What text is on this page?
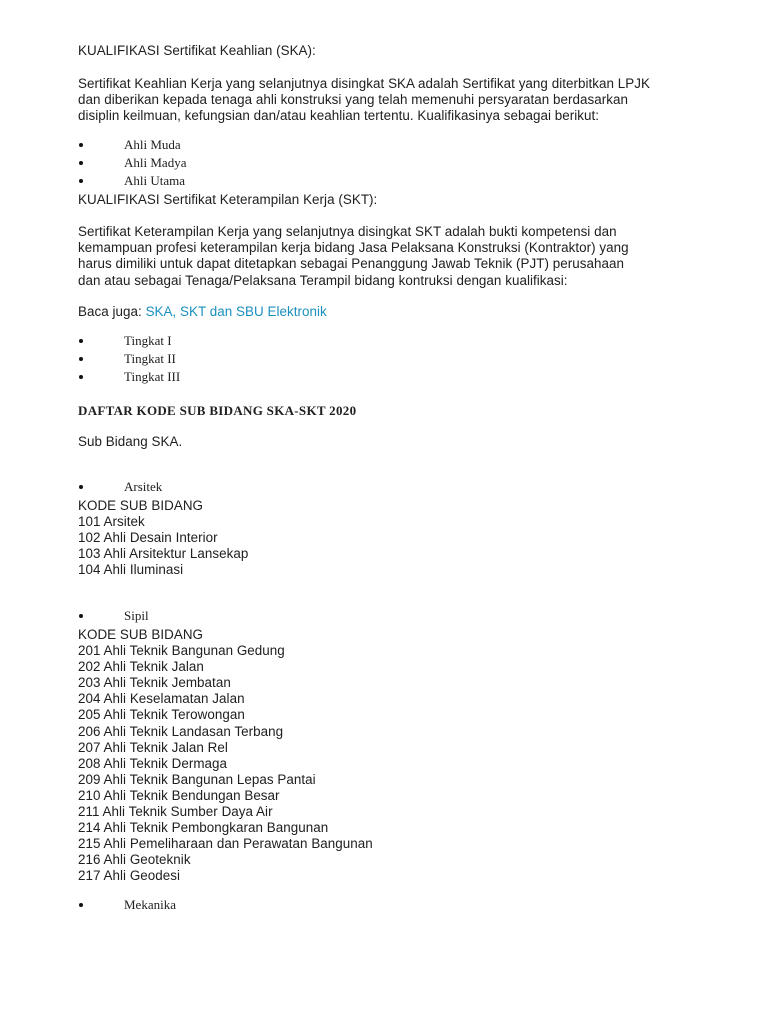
KUALIFIKASI Sertifikat Keahlian (SKA):

Sertifikat Keahlian Kerja yang selanjutnya disingkat SKA adalah Sertifikat yang diterbitkan LPJK

dan diberikan kepada tenaga ahli konstruksi yang telah memenuhi persyaratan berdasarkan

disiplin keilmuan, kefungsian dan/atau keahlian tertentu. Kualifikasinya sebagai berikut:

Ahli Muda
Ahli Madya
Ahli Utama
KUALIFIKASI Sertifikat Keterampilan Kerja (SKT):

Sertifikat Keterampilan Kerja yang selanjutnya disingkat SKT adalah bukti kompetensi dan

kemampuan profesi keterampilan kerja bidang Jasa Pelaksana Konstruksi (Kontraktor) yang

harus dimiliki untuk dapat ditetapkan sebagai Penanggung Jawab Teknik (PJT) perusahaan

dan atau sebagai Tenaga/Pelaksana Terampil bidang kontruksi dengan kualifikasi:

Baca juga: SKA, SKT dan SBU Elektronik
Tingkat I
Tingkat II
Tingkat III
DAFTAR KODE SUB BIDANG SKA-SKT 2020
Sub Bidang SKA.
Arsitek
KODE SUB BIDANG
101 Arsitek
102 Ahli Desain Interior
103 Ahli Arsitektur Lansekap
104 Ahli Iluminasi
Sipil
KODE SUB BIDANG
201 Ahli Teknik Bangunan Gedung
202 Ahli Teknik Jalan
203 Ahli Teknik Jembatan
204 Ahli Keselamatan Jalan
205 Ahli Teknik Terowongan
206 Ahli Teknik Landasan Terbang
207 Ahli Teknik Jalan Rel
208 Ahli Teknik Dermaga
209 Ahli Teknik Bangunan Lepas Pantai
210 Ahli Teknik Bendungan Besar
211 Ahli Teknik Sumber Daya Air
214 Ahli Teknik Pembongkaran Bangunan
215 Ahli Pemeliharaan dan Perawatan Bangunan
216 Ahli Geoteknik
217 Ahli Geodesi
Mekanika
